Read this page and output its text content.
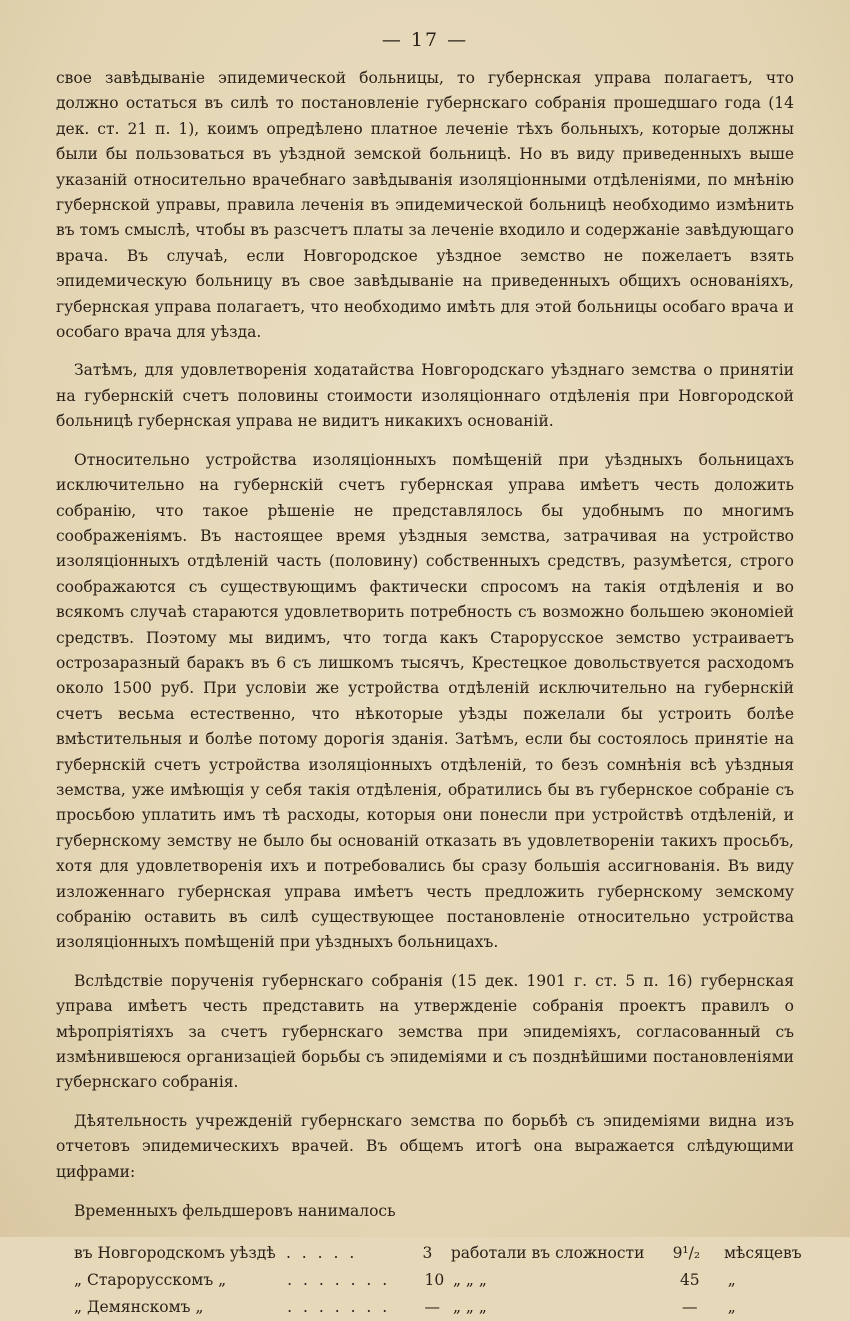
— 17 —

свое завѣдываніе эпидемической больницы, то губернская управа полагаетъ, что должно остаться въ силѣ то постановленіе губернскаго собранія прошедшаго года (14 дек. ст. 21 п. 1), коимъ опредѣлено платное леченіе тѣхъ больныхъ, которые должны были бы пользоваться въ уѣздной земской больницѣ. Но въ виду приведенныхъ выше указаній относительно врачебнаго завѣдыванія изоляціонными отдѣленіями, по мнѣнію губернской управы, правила леченія въ эпидемической больницѣ необходимо измѣнить въ томъ смыслѣ, чтобы въ разсчетъ платы за леченіе входило и содержаніе завѣдующаго врача. Въ случаѣ, если Новгородское уѣздное земство не пожелаетъ взять эпидемическую больницу въ свое завѣдываніе на приведенныхъ общихъ основаніяхъ, губернская управа полагаетъ, что необходимо имѣть для этой больницы особаго врача и особаго врача для уѣзда.

Затѣмъ, для удовлетворенія ходатайства Новгородскаго уѣзднаго земства о принятіи на губернскій счетъ половины стоимости изоляціоннаго отдѣленія при Новгородской больницѣ губернская управа не видитъ никакихъ основаній.

Относительно устройства изоляціонныхъ помѣщеній при уѣздныхъ больницахъ исключительно на губернскій счетъ губернская управа имѣетъ честь доложить собранію, что такое рѣшеніе не представлялось бы удобнымъ по многимъ соображеніямъ. Въ настоящее время уѣздныя земства, затрачивая на устройство изоляціонныхъ отдѣленій часть (половину) собственныхъ средствъ, разумѣется, строго соображаются съ существующимъ фактически спросомъ на такія отдѣленія и во всякомъ случаѣ стараются удовлетворить потребность съ возможно большею экономіей средствъ. Поэтому мы видимъ, что тогда какъ Старорусское земство устраиваетъ острозаразный баракъ въ 6 съ лишкомъ тысячъ, Крестецкое довольствуется расходомъ около 1500 руб. При условіи же устройства отдѣленій исключительно на губернскій счетъ весьма естественно, что нѣкоторые уѣзды пожелали бы устроить болѣе вмѣстительныя и болѣе потому дорогія зданія. Затѣмъ, если бы состоялось принятіе на губернскій счетъ устройства изоляціонныхъ отдѣленій, то безъ сомнѣнія всѣ уѣздныя земства, уже имѣющія у себя такія отдѣленія, обратились бы въ губернское собраніе съ просьбою уплатить имъ тѣ расходы, которыя они понесли при устройствѣ отдѣленій, и губернскому земству не было бы основаній отказать въ удовлетвореніи такихъ просьбъ, хотя для удовлетворенія ихъ и потребовались бы сразу большія ассигнованія. Въ виду изложеннаго губернская управа имѣетъ честь предложить губернскому земскому собранію оставить въ силѣ существующее постановленіе относительно устройства изоляціонныхъ помѣщеній при уѣздныхъ больницахъ.

Вслѣдствіе порученія губернскаго собранія (15 дек. 1901 г. ст. 5 п. 16) губернская управа имѣетъ честь представить на утвержденіе собранія проектъ правилъ о мѣропріятіяхъ за счетъ губернскаго земства при эпидеміяхъ, согласованный съ измѣнившеюся организаціей борьбы съ эпидеміями и съ позднѣйшими постановленіями губернскаго собранія.

Дѣятельность учрежденій губернскаго земства по борьбѣ съ эпидеміями видна изъ отчетовъ эпидемическихъ врачей. Въ общемъ итогѣ она выражается слѣдующими цифрами:

Временныхъ фельдшеровъ нанималось
въ Новгородскомъ уѣздѣ . . . . .	3	работали въ сложности	9¹/₂	мѣсяцевъ
„ Старорусскомъ „	. . . . . . .	10 „ „ „	45	„
„ Демянскомъ „	. . . . . . .	— „ „ „	—	„
